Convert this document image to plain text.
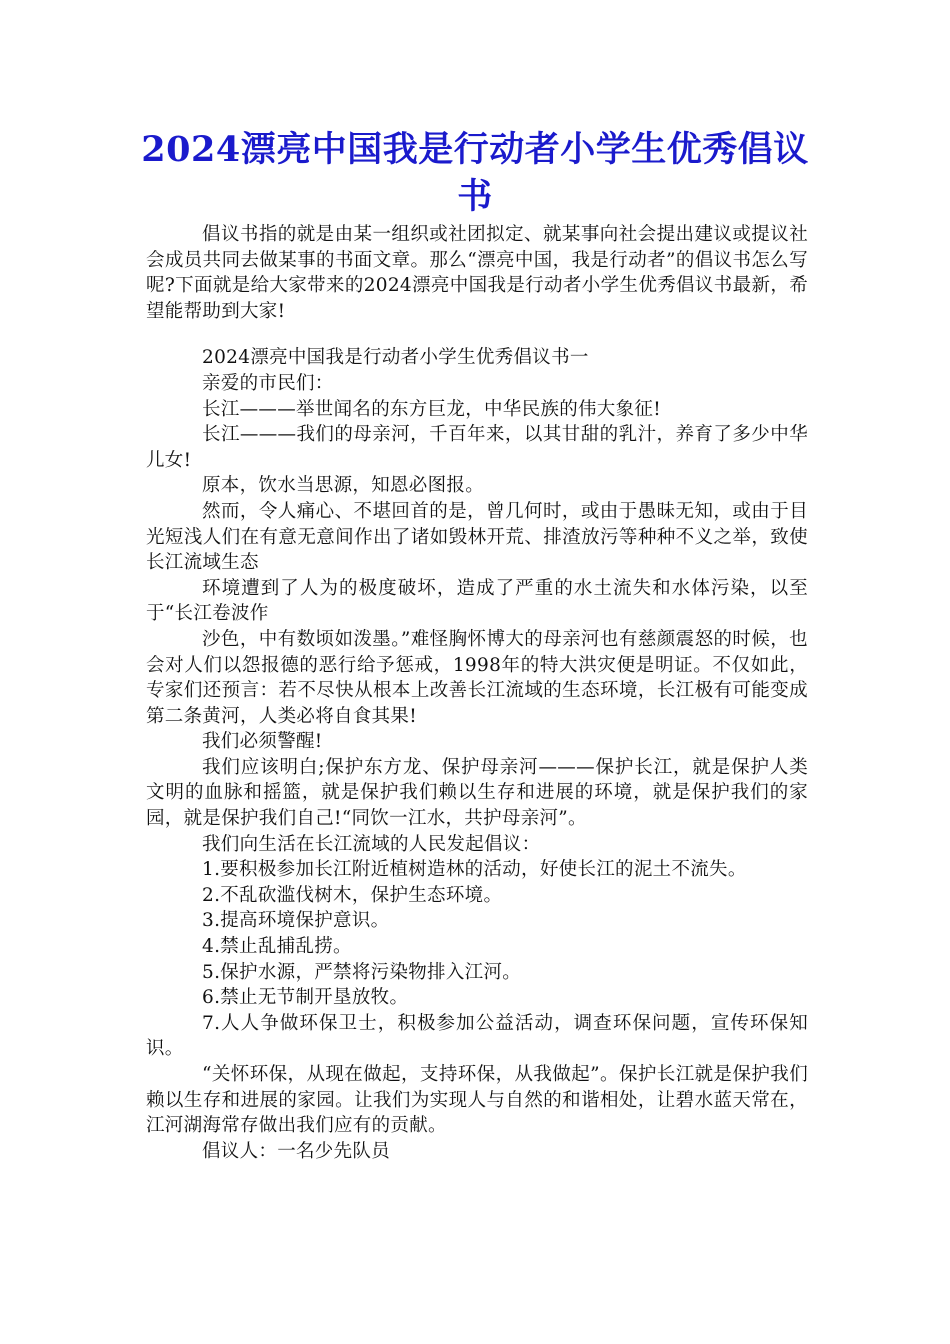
2024漂亮中国我是行动者小学生优秀倡议书

倡议书指的就是由某一组织或社团拟定、就某事向社会提出建议或提议社会成员共同去做某事的书面文章。那么“漂亮中国，我是行动者”的倡议书怎么写呢?下面就是给大家带来的2024漂亮中国我是行动者小学生优秀倡议书最新，希望能帮助到大家!

2024漂亮中国我是行动者小学生优秀倡议书一

亲爱的市民们：

长江———举世闻名的东方巨龙，中华民族的伟大象征!

长江———我们的母亲河，千百年来，以其甘甜的乳汁，养育了多少中华儿女!

原本，饮水当思源，知恩必图报。

然而，令人痛心、不堪回首的是，曾几何时，或由于愚昧无知，或由于目光短浅人们在有意无意间作出了诸如毁林开荒、排渣放污等种种不义之举，致使长江流域生态

环境遭到了人为的极度破坏，造成了严重的水土流失和水体污染，以至于“长江卷波作

沙色，中有数顷如泼墨。”难怪胸怀博大的母亲河也有慈颜震怒的时候，也会对人们以怨报德的恶行给予惩戒，1998年的特大洪灾便是明证。不仅如此，专家们还预言：若不尽快从根本上改善长江流域的生态环境，长江极有可能变成第二条黄河，人类必将自食其果!

我们必须警醒!

我们应该明白;保护东方龙、保护母亲河———保护长江，就是保护人类文明的血脉和摇篮，就是保护我们赖以生存和进展的环境，就是保护我们的家园，就是保护我们自己!“同饮一江水，共护母亲河”。

我们向生活在长江流域的人民发起倡议：

1.要积极参加长江附近植树造林的活动，好使长江的泥土不流失。

2.不乱砍滥伐树木，保护生态环境。

3.提高环境保护意识。

4.禁止乱捕乱捞。

5.保护水源，严禁将污染物排入江河。

6.禁止无节制开垦放牧。

7.人人争做环保卫士，积极参加公益活动，调查环保问题，宣传环保知识。

“关怀环保，从现在做起，支持环保，从我做起”。保护长江就是保护我们赖以生存和进展的家园。让我们为实现人与自然的和谐相处，让碧水蓝天常在，江河湖海常存做出我们应有的贡献。

倡议人：一名少先队员
